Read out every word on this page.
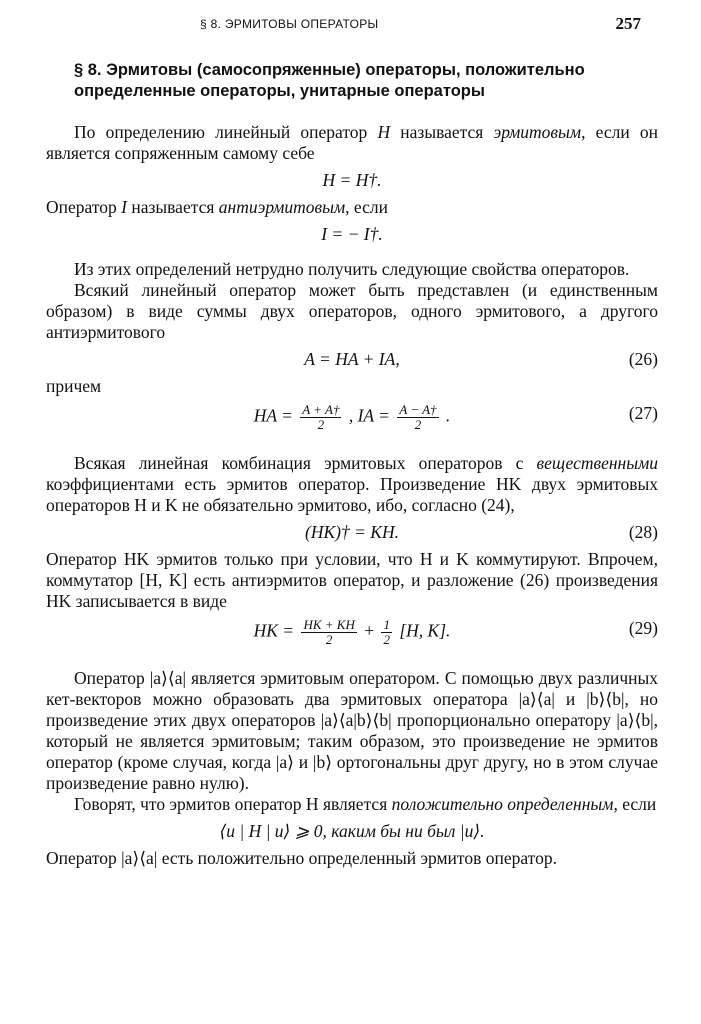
§ 8. ЭРМИТОВЫ ОПЕРАТОРЫ	257
§ 8. Эрмитовы (самосопряженные) операторы, положительно определенные операторы, унитарные операторы

По определению линейный оператор H называется эрмитовым, если он является сопряженным самому себе

H = H†.

Оператор I называется антиэрмитовым, если

I = − I†.

Из этих определений нетрудно получить следующие свойства операторов.

Всякий линейный оператор может быть представлен (и единственным образом) в виде суммы двух операторов, одного эрмитового, а другого антиэрмитового

A = HA + IA,	(26)

причем

HA = $\frac{A + A\dagger}{2}$ , IA = $\frac{A - A\dagger}{2}$ .	(27)

Всякая линейная комбинация эрмитовых операторов с вещественными коэффициентами есть эрмитов оператор. Произведение HK двух эрмитовых операторов H и K не обязательно эрмитово, ибо, согласно (24),

(HK)† = KH.	(28)

Оператор HK эрмитов только при условии, что H и K коммутируют. Впрочем, коммутатор [H, K] есть антиэрмитов оператор, и разложение (26) произведения HK записывается в виде

HK = $\frac{HK + KH}{2} + \frac{1}{2} [H$, K].	(29)

Оператор |a⟩⟨a| является эрмитовым оператором. С помощью двух различных кет-векторов можно образовать два эрмитовых оператора |a⟩⟨a| и |b⟩⟨b|, но произведение этих двух операторов |a⟩⟨a|b⟩⟨b| пропорционально оператору |a⟩⟨b|, который не является эрмитовым; таким образом, это произведение не эрмитов оператор (кроме случая, когда |a⟩ и |b⟩ ортогональны друг другу, но в этом случае произведение равно нулю).

Говорят, что эрмитов оператор H является положительно определенным, если

⟨u | H | u⟩ ⩾ 0, каким бы ни был |u⟩.

Оператор |a⟩⟨a| есть положительно определенный эрмитов оператор.
